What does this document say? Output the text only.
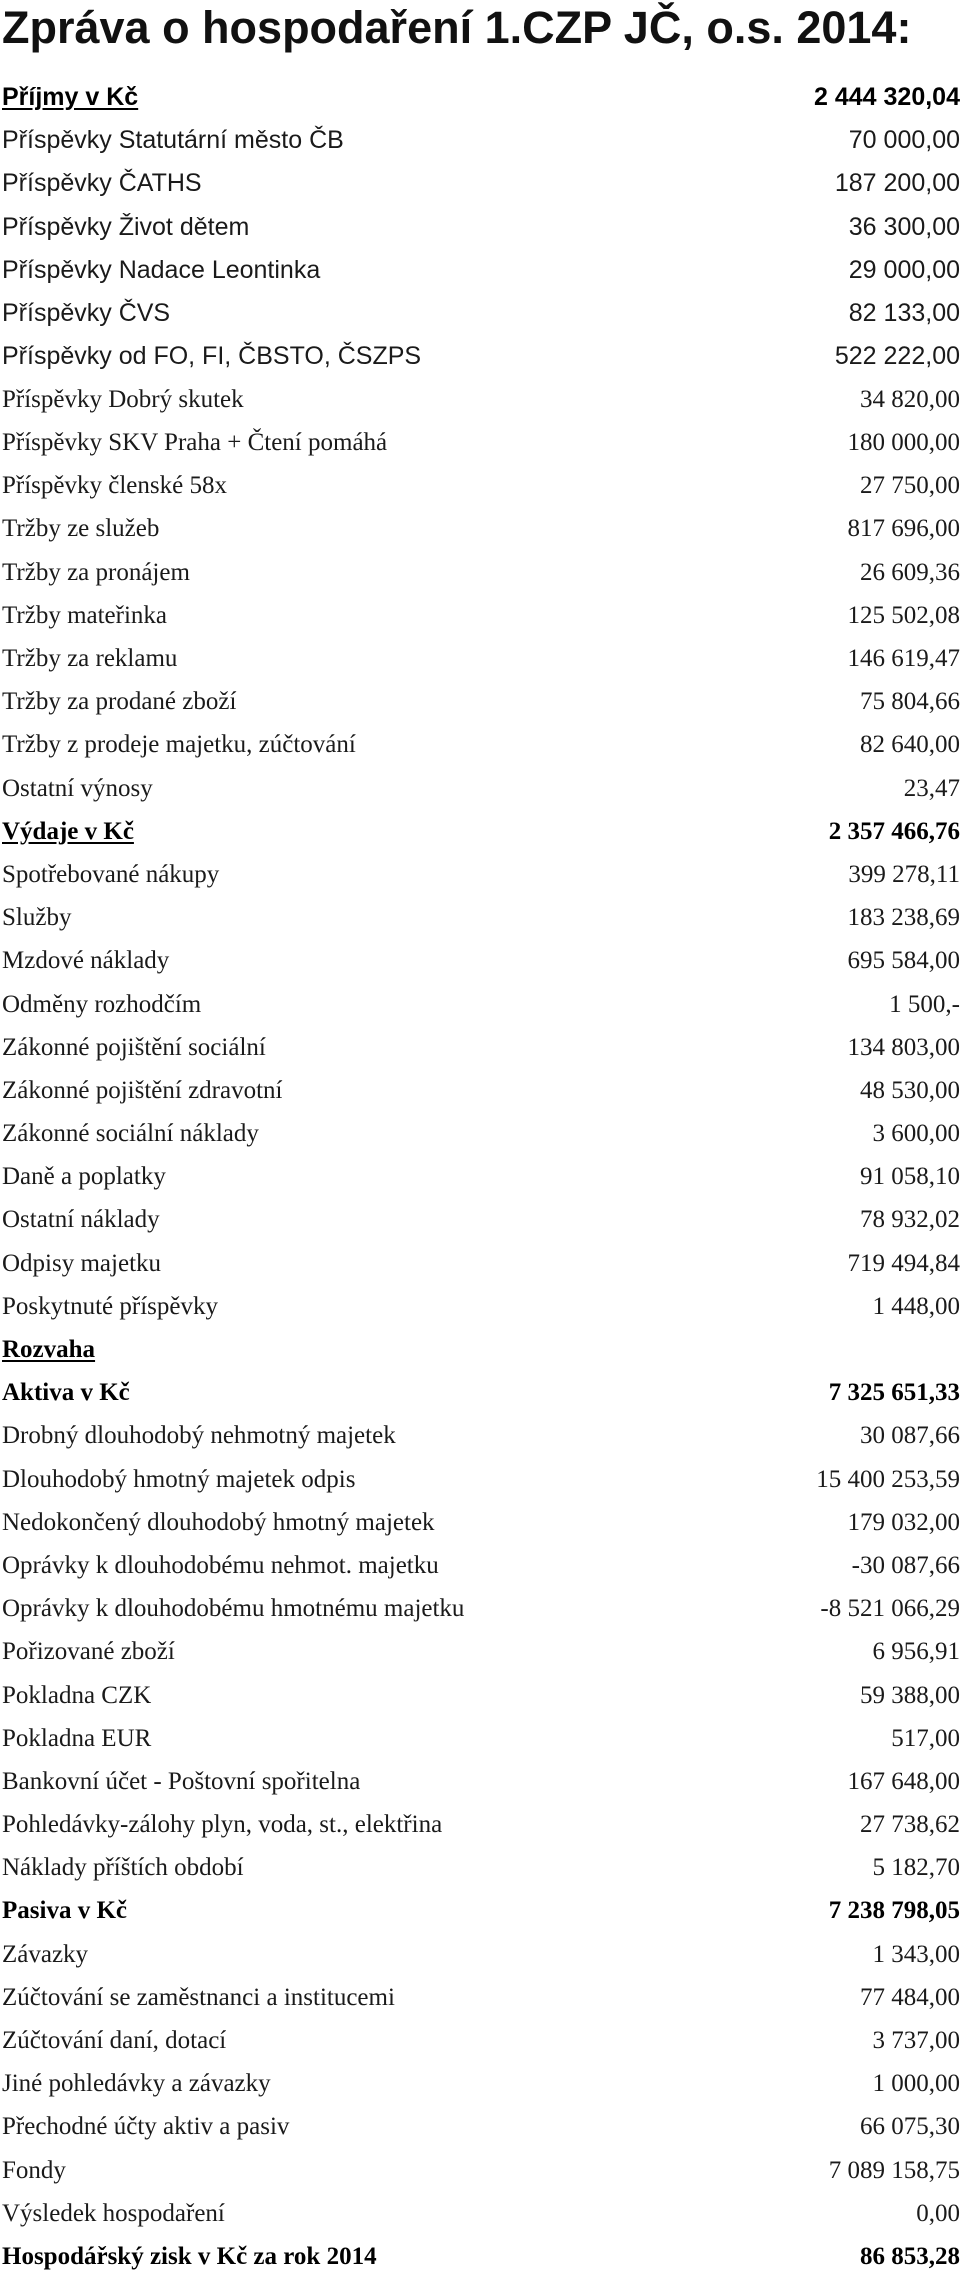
Zpráva o hospodaření 1.CZP JČ, o.s. 2014:
Příjmy v Kč	2 444 320,04
Příspěvky Statutární město ČB	70 000,00
Příspěvky ČATHS	187 200,00
Příspěvky Život dětem	36 300,00
Příspěvky Nadace Leontinka	29 000,00
Příspěvky ČVS	82 133,00
Příspěvky od FO, FI, ČBSTO, ČSZPS	522 222,00
Příspěvky Dobrý skutek	34 820,00
Příspěvky SKV Praha + Čtení pomáhá	180 000,00
Příspěvky členské 58x	27 750,00
Tržby ze služeb	817 696,00
Tržby za pronájem	26 609,36
Tržby mateřinka	125 502,08
Tržby za reklamu	146 619,47
Tržby za prodané zboží	75 804,66
Tržby z prodeje majetku, zúčtování	82 640,00
Ostatní výnosy	23,47
Výdaje v Kč	2 357 466,76
Spotřebované nákupy	399 278,11
Služby	183 238,69
Mzdové náklady	695 584,00
Odměny rozhodčím	1 500,-
Zákonné pojištění sociální	134 803,00
Zákonné pojištění zdravotní	48 530,00
Zákonné sociální náklady	3 600,00
Daně a poplatky	91 058,10
Ostatní náklady	78 932,02
Odpisy majetku	719 494,84
Poskytnuté příspěvky	1 448,00
Rozvaha
Aktiva v Kč	7 325 651,33
Drobný dlouhodobý nehmotný majetek	30 087,66
Dlouhodobý hmotný majetek odpis	15 400 253,59
Nedokončený dlouhodobý hmotný majetek	179 032,00
Oprávky k dlouhodobému nehmot. majetku	-30 087,66
Oprávky k dlouhodobému hmotnému majetku	-8 521 066,29
Pořizované zboží	6 956,91
Pokladna CZK	59 388,00
Pokladna EUR	517,00
Bankovní účet - Poštovní spořitelna	167 648,00
Pohledávky-zálohy plyn, voda, st., elektřina	27 738,62
Náklady příštích období	5 182,70
Pasiva v Kč	7 238 798,05
Závazky	1 343,00
Zúčtování se zaměstnanci a institucemi	77 484,00
Zúčtování daní, dotací	3 737,00
Jiné pohledávky a závazky	1 000,00
Přechodné účty aktiv a pasiv	66 075,30
Fondy	7 089 158,75
Výsledek hospodaření	0,00
Hospodářský zisk v Kč za rok 2014	86 853,28
